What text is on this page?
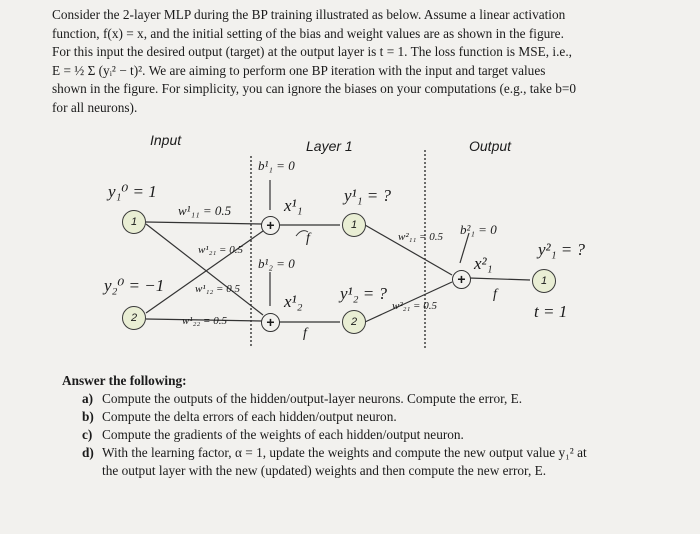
Consider the 2-layer MLP during the BP training illustrated as below. Assume a linear activation
function, f(x) = x, and the initial setting of the bias and weight values are as shown in the figure.
For this input the desired output (target) at the output layer is t = 1. The loss function is MSE, i.e.,
E = ½ Σ (yᵢ² − t)². We are aiming to perform one BP iteration with the input and target values
shown in the figure. For simplicity, you can ignore the biases on your computations (e.g., take b=0
for all neurons).
Input	Layer 1	Output
y₁⁰ = 1
1
y₂⁰ = −1
2
w¹₁₁ = 0.5
w¹₂₁ = 0.5
w¹₁₂ = 0.5
w¹₂₂ = 0.5
b¹₁ = 0
b¹₂ = 0
+
+
x¹₁
f
x¹₂
f
y¹₁ = ?
1
y¹₂ = ?
2
w²₁₁ = 0.5
w²₂₁ = 0.5
b²₁ = 0
+
x²₁
f
y²₁ = ?
1
t = 1
Answer the following:
a) Compute the outputs of the hidden/output-layer neurons. Compute the error, E.
b) Compute the delta errors of each hidden/output neuron.
c) Compute the gradients of the weights of each hidden/output neuron.
d) With the learning factor, α = 1, update the weights and compute the new output value y₁² at
the output layer with the new (updated) weights and then compute the new error, E.
